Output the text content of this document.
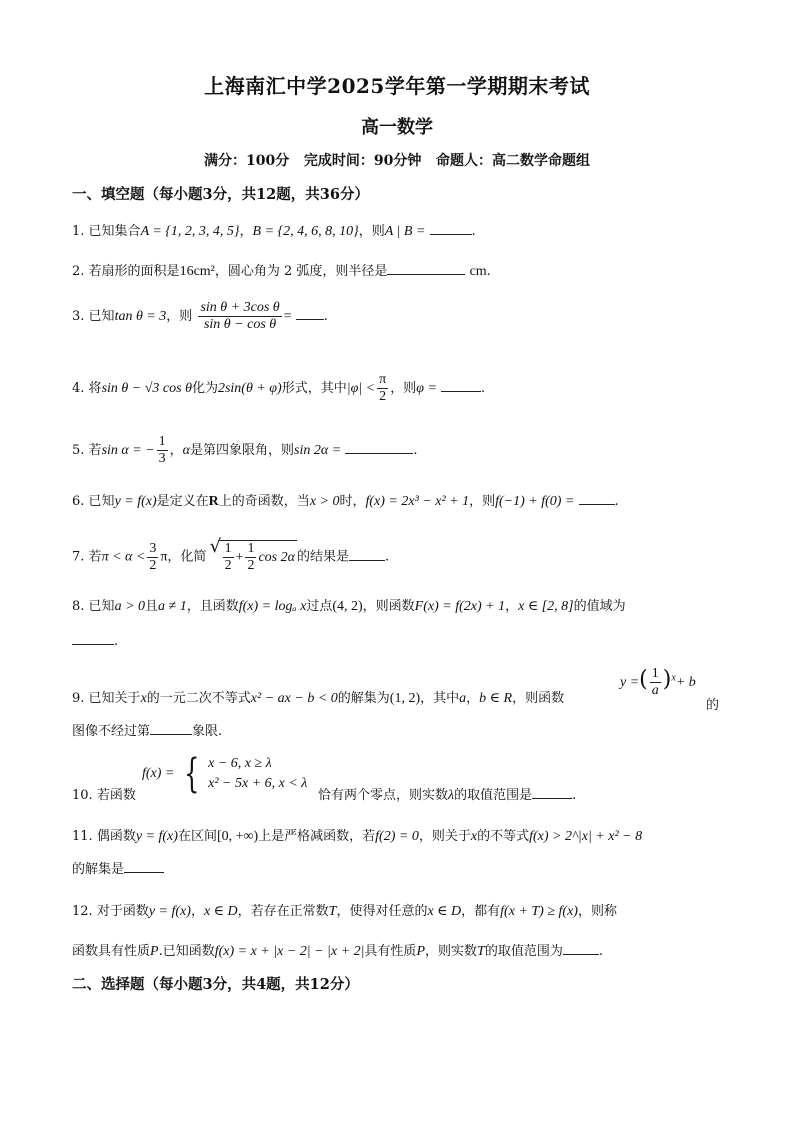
上海南汇中学2025学年第一学期期末考试
高一数学
满分：100分   完成时间：90分钟   命题人：高二数学命题组
一、填空题（每小题3分，共12题，共36分）
1. 已知集合A = {1, 2, 3, 4, 5}，B = {2, 4, 6, 8, 10}，则A | B =	.
2. 若扇形的面积是16cm²，圆心角为 2 弧度，则半径是	cm.
3. 已知tan θ = 3，则 $\frac{\text{sin θ + 3cos θ}}{\text{sin θ − cos θ}}$ = .
4. 将sin θ − √3 cos θ化为2sin(θ + φ)形式，其中$|\varphi| < \frac{\pi}{2}$ ，则φ =	.
5. 若sin α = − $\frac{1}{3}$ ，α是第四象限角，则sin 2α =	.
6. 已知y = f(x)是定义在R上的奇函数，当x > 0时，f(x) = 2x³ − x² + 1，则f(−1) + f(0) =	.
7. 若$\pi < \alpha < \frac{3}{2}$ π，化简 √ $\frac{1}{2} + \frac{1}{2}$ cos 2α 的结果是	.
8. 已知a > 0且a ≠ 1，且函数f(x) = logₐ x过点(4, 2)，则函数F(x) = f(2x) + 1，x ∈ [2, 8]的值域为
.
9. 已知关于x的一元二次不等式x² − ax − b < 0的解集为(1, 2)，其中a，b ∈ R，则函数
y =( $\frac{1}{a} )^x+ b$
的
图像不经过第	象限.
10. 若函数	恰有两个零点，则实数λ的取值范围是	.
f(x) = { x − 6, x ≥ λ
x² − 5x + 6, x < λ
11. 偶函数y = f(x)在区间[0, +∞)上是严格减函数，若f(2) = 0，则关于x的不等式f(x) > 2^|x| + x² − 8
的解集是
12. 对于函数y = f(x)，x ∈ D，若存在正常数T，使得对任意的x ∈ D，都有f(x + T) ≥ f(x)，则称
函数具有性质P.已知函数f(x) = x + |x − 2| − |x + 2|具有性质P，则实数T的取值范围为	.
二、选择题（每小题3分，共4题，共12分）
